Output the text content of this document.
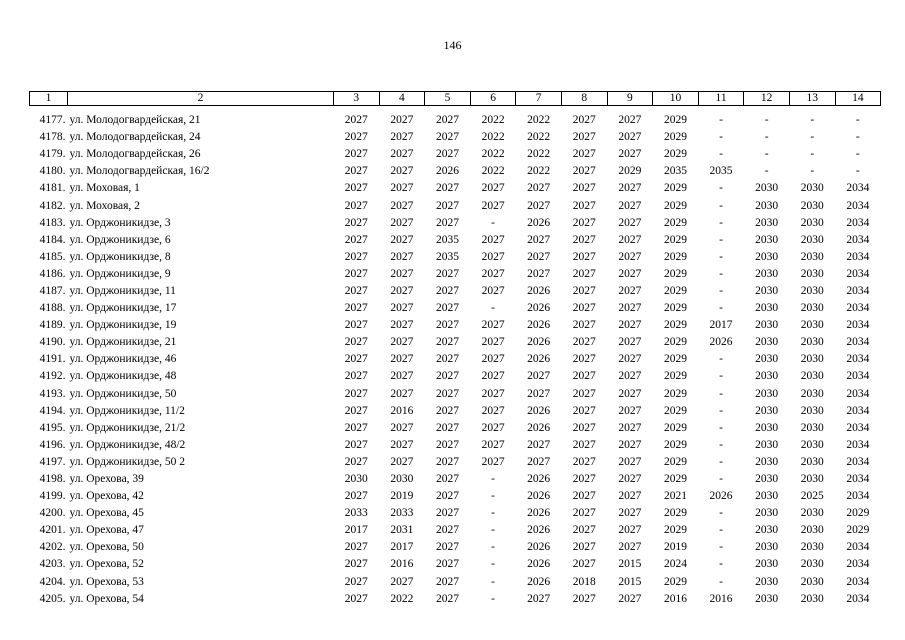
146
1	2	3	4	5	6	7	8	9	10	11	12	13	14
4177.	ул. Молодогвардейская, 21	2027	2027	2027	2022	2022	2027	2027	2029	-	-	-	-
4178.	ул. Молодогвардейская, 24	2027	2027	2027	2022	2022	2027	2027	2029	-	-	-	-
4179.	ул. Молодогвардейская, 26	2027	2027	2027	2022	2022	2027	2027	2029	-	-	-	-
4180.	ул. Молодогвардейская, 16/2	2027	2027	2026	2022	2022	2027	2029	2035	2035	-	-	-
4181.	ул. Моховая, 1	2027	2027	2027	2027	2027	2027	2027	2029	-	2030	2030	2034
4182.	ул. Моховая, 2	2027	2027	2027	2027	2027	2027	2027	2029	-	2030	2030	2034
4183.	ул. Орджоникидзе, 3	2027	2027	2027	-	2026	2027	2027	2029	-	2030	2030	2034
4184.	ул. Орджоникидзе, 6	2027	2027	2035	2027	2027	2027	2027	2029	-	2030	2030	2034
4185.	ул. Орджоникидзе, 8	2027	2027	2035	2027	2027	2027	2027	2029	-	2030	2030	2034
4186.	ул. Орджоникидзе, 9	2027	2027	2027	2027	2027	2027	2027	2029	-	2030	2030	2034
4187.	ул. Орджоникидзе, 11	2027	2027	2027	2027	2026	2027	2027	2029	-	2030	2030	2034
4188.	ул. Орджоникидзе, 17	2027	2027	2027	-	2026	2027	2027	2029	-	2030	2030	2034
4189.	ул. Орджоникидзе, 19	2027	2027	2027	2027	2026	2027	2027	2029	2017	2030	2030	2034
4190.	ул. Орджоникидзе, 21	2027	2027	2027	2027	2026	2027	2027	2029	2026	2030	2030	2034
4191.	ул. Орджоникидзе, 46	2027	2027	2027	2027	2026	2027	2027	2029	-	2030	2030	2034
4192.	ул. Орджоникидзе, 48	2027	2027	2027	2027	2027	2027	2027	2029	-	2030	2030	2034
4193.	ул. Орджоникидзе, 50	2027	2027	2027	2027	2027	2027	2027	2029	-	2030	2030	2034
4194.	ул. Орджоникидзе, 11/2	2027	2016	2027	2027	2026	2027	2027	2029	-	2030	2030	2034
4195.	ул. Орджоникидзе, 21/2	2027	2027	2027	2027	2026	2027	2027	2029	-	2030	2030	2034
4196.	ул. Орджоникидзе, 48/2	2027	2027	2027	2027	2027	2027	2027	2029	-	2030	2030	2034
4197.	ул. Орджоникидзе, 50 2	2027	2027	2027	2027	2027	2027	2027	2029	-	2030	2030	2034
4198.	ул. Орехова, 39	2030	2030	2027	-	2026	2027	2027	2029	-	2030	2030	2034
4199.	ул. Орехова, 42	2027	2019	2027	-	2026	2027	2027	2021	2026	2030	2025	2034
4200.	ул. Орехова, 45	2033	2033	2027	-	2026	2027	2027	2029	-	2030	2030	2029
4201.	ул. Орехова, 47	2017	2031	2027	-	2026	2027	2027	2029	-	2030	2030	2029
4202.	ул. Орехова, 50	2027	2017	2027	-	2026	2027	2027	2019	-	2030	2030	2034
4203.	ул. Орехова, 52	2027	2016	2027	-	2026	2027	2015	2024	-	2030	2030	2034
4204.	ул. Орехова, 53	2027	2027	2027	-	2026	2018	2015	2029	-	2030	2030	2034
4205.	ул. Орехова, 54	2027	2022	2027	-	2027	2027	2027	2016	2016	2030	2030	2034
